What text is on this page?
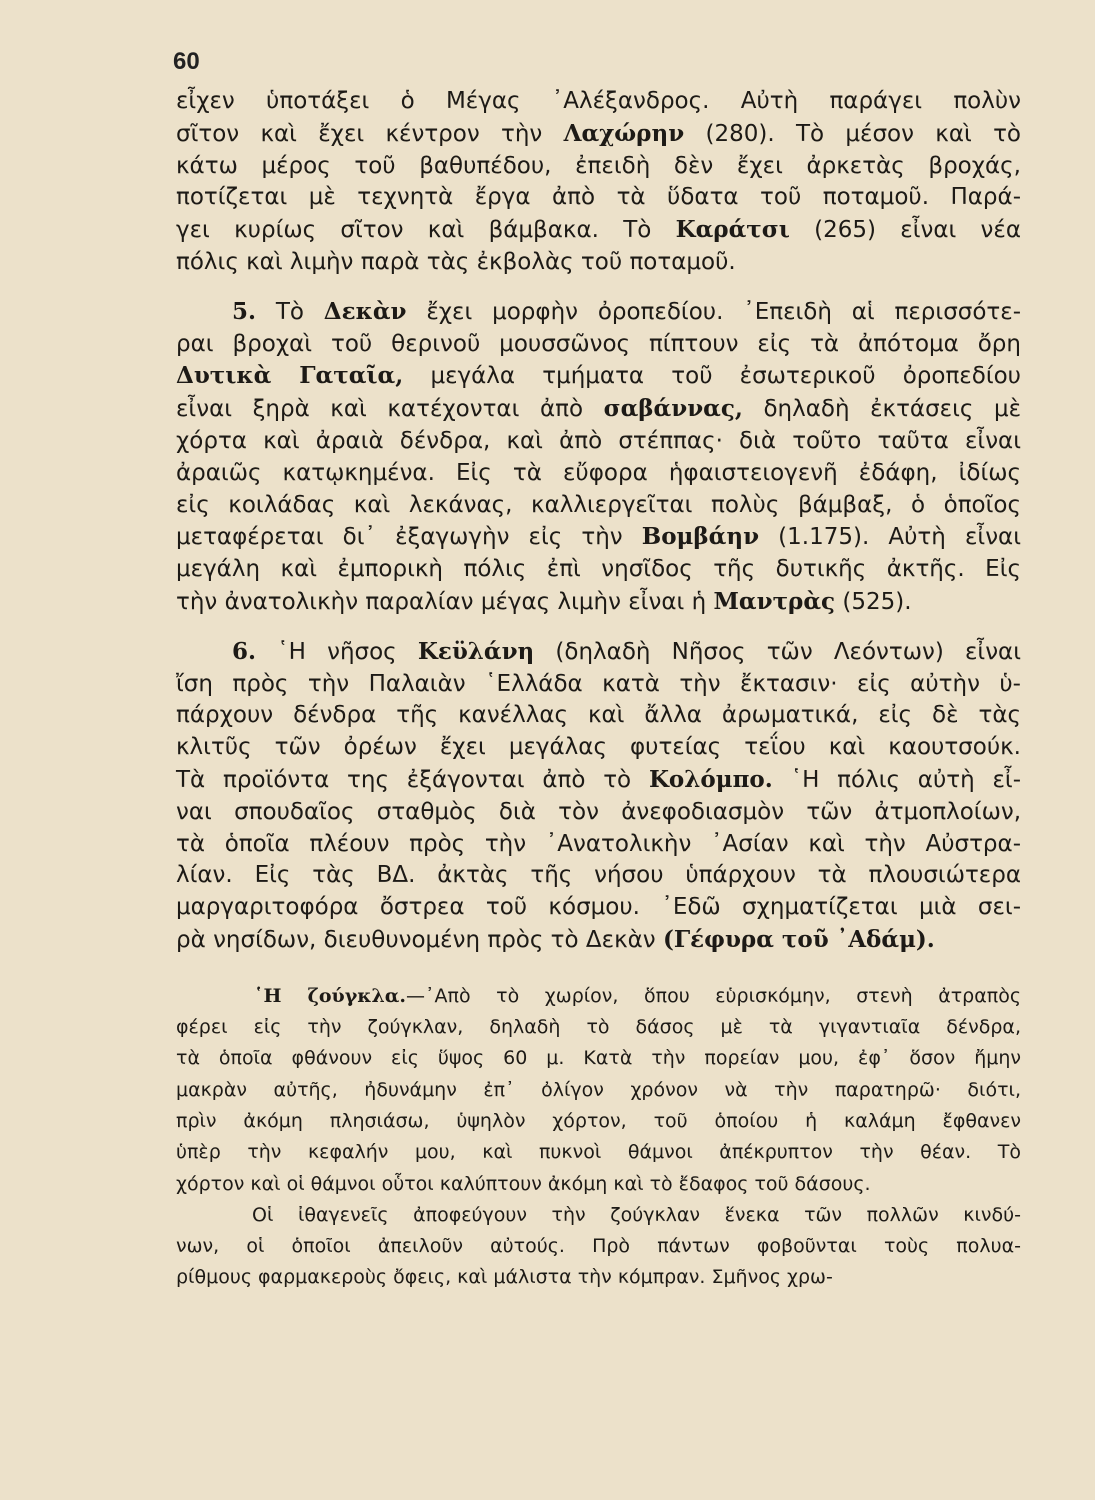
60
εἶχεν ὑποτάξει ὁ Μέγας ᾿Αλέξανδρος. Αὐτὴ παράγει πολὺν
σῖτον καὶ ἔχει κέντρον τὴν Λαχώρην (280). Τὸ μέσον καὶ τὸ
κάτω μέρος τοῦ βαθυπέδου, ἐπειδὴ δὲν ἔχει ἀρκετὰς βροχάς,
ποτίζεται μὲ τεχνητὰ ἔργα ἀπὸ τὰ ὕδατα τοῦ ποταμοῦ. Παρά-
γει κυρίως σῖτον καὶ βάμβακα. Τὸ Καράτσι (265) εἶναι νέα
πόλις καὶ λιμὴν παρὰ τὰς ἐκβολὰς τοῦ ποταμοῦ.
5. Τὸ Δεκὰν ἔχει μορφὴν ὀροπεδίου. ᾿Επειδὴ αἱ περισσότε-
ραι βροχαὶ τοῦ θερινοῦ μουσσῶνος πίπτουν εἰς τὰ ἀπότομα ὄρη
Δυτικὰ Γαταῖα, μεγάλα τμήματα τοῦ ἐσωτερικοῦ ὀροπεδίου
εἶναι ξηρὰ καὶ κατέχονται ἀπὸ σαβάννας, δηλαδὴ ἐκτάσεις μὲ
χόρτα καὶ ἀραιὰ δένδρα, καὶ ἀπὸ στέππας· διὰ τοῦτο ταῦτα εἶναι
ἀραιῶς κατῳκημένα. Εἰς τὰ εὔφορα ἡφαιστειογενῆ ἐδάφη, ἰδίως
εἰς κοιλάδας καὶ λεκάνας, καλλιεργεῖται πολὺς βάμβαξ, ὁ ὁποῖος
μεταφέρεται δι᾿ ἐξαγωγὴν εἰς τὴν Βομβάην (1.175). Αὐτὴ εἶναι
μεγάλη καὶ ἐμπορικὴ πόλις ἐπὶ νησῖδος τῆς δυτικῆς ἀκτῆς. Εἰς
τὴν ἀνατολικὴν παραλίαν μέγας λιμὴν εἶναι ἡ Μαντρὰς (525).
6. ῾Η νῆσος Κεϋλάνη (δηλαδὴ Νῆσος τῶν Λεόντων) εἶναι
ἴση πρὸς τὴν Παλαιὰν ῾Ελλάδα κατὰ τὴν ἔκτασιν· εἰς αὐτὴν ὑ-
πάρχουν δένδρα τῆς κανέλλας καὶ ἄλλα ἀρωματικά, εἰς δὲ τὰς
κλιτῦς τῶν ὀρέων ἔχει μεγάλας φυτείας τεΐου καὶ καουτσούκ.
Τὰ προϊόντα της ἐξάγονται ἀπὸ τὸ Κολόμπο. ῾Η πόλις αὐτὴ εἶ-
ναι σπουδαῖος σταθμὸς διὰ τὸν ἀνεφοδιασμὸν τῶν ἀτμοπλοίων,
τὰ ὁποῖα πλέουν πρὸς τὴν ᾿Ανατολικὴν ᾿Ασίαν καὶ τὴν Αὐστρα-
λίαν. Εἰς τὰς ΒΔ. ἀκτὰς τῆς νήσου ὑπάρχουν τὰ πλουσιώτερα
μαργαριτοφόρα ὄστρεα τοῦ κόσμου. ᾿Εδῶ σχηματίζεται μιὰ σει-
ρὰ νησίδων, διευθυνομένη πρὸς τὸ Δεκὰν (Γέφυρα τοῦ ᾿Αδάμ).
῾Η ζούγκλα.—᾿Απὸ τὸ χωρίον, ὅπου εὑρισκόμην, στενὴ ἀτραπὸς
φέρει εἰς τὴν ζούγκλαν, δηλαδὴ τὸ δάσος μὲ τὰ γιγαντιαῖα δένδρα,
τὰ ὁποῖα φθάνουν εἰς ὕψος 60 μ. Κατὰ τὴν πορείαν μου, ἐφ᾿ ὅσον ἤμην
μακρὰν αὐτῆς, ἠδυνάμην ἐπ᾿ ὀλίγον χρόνον νὰ τὴν παρατηρῶ· διότι,
πρὶν ἀκόμη πλησιάσω, ὑψηλὸν χόρτον, τοῦ ὁποίου ἡ καλάμη ἔφθανεν
ὑπὲρ τὴν κεφαλήν μου, καὶ πυκνοὶ θάμνοι ἀπέκρυπτον τὴν θέαν. Τὸ
χόρτον καὶ οἱ θάμνοι οὗτοι καλύπτουν ἀκόμη καὶ τὸ ἔδαφος τοῦ δάσους.
Οἱ ἰθαγενεῖς ἀποφεύγουν τὴν ζούγκλαν ἕνεκα τῶν πολλῶν κινδύ-
νων, οἱ ὁποῖοι ἀπειλοῦν αὐτούς. Πρὸ πάντων φοβοῦνται τοὺς πολυα-
ρίθμους φαρμακεροὺς ὄφεις, καὶ μάλιστα τὴν κόμπραν. Σμῆνος χρω-
